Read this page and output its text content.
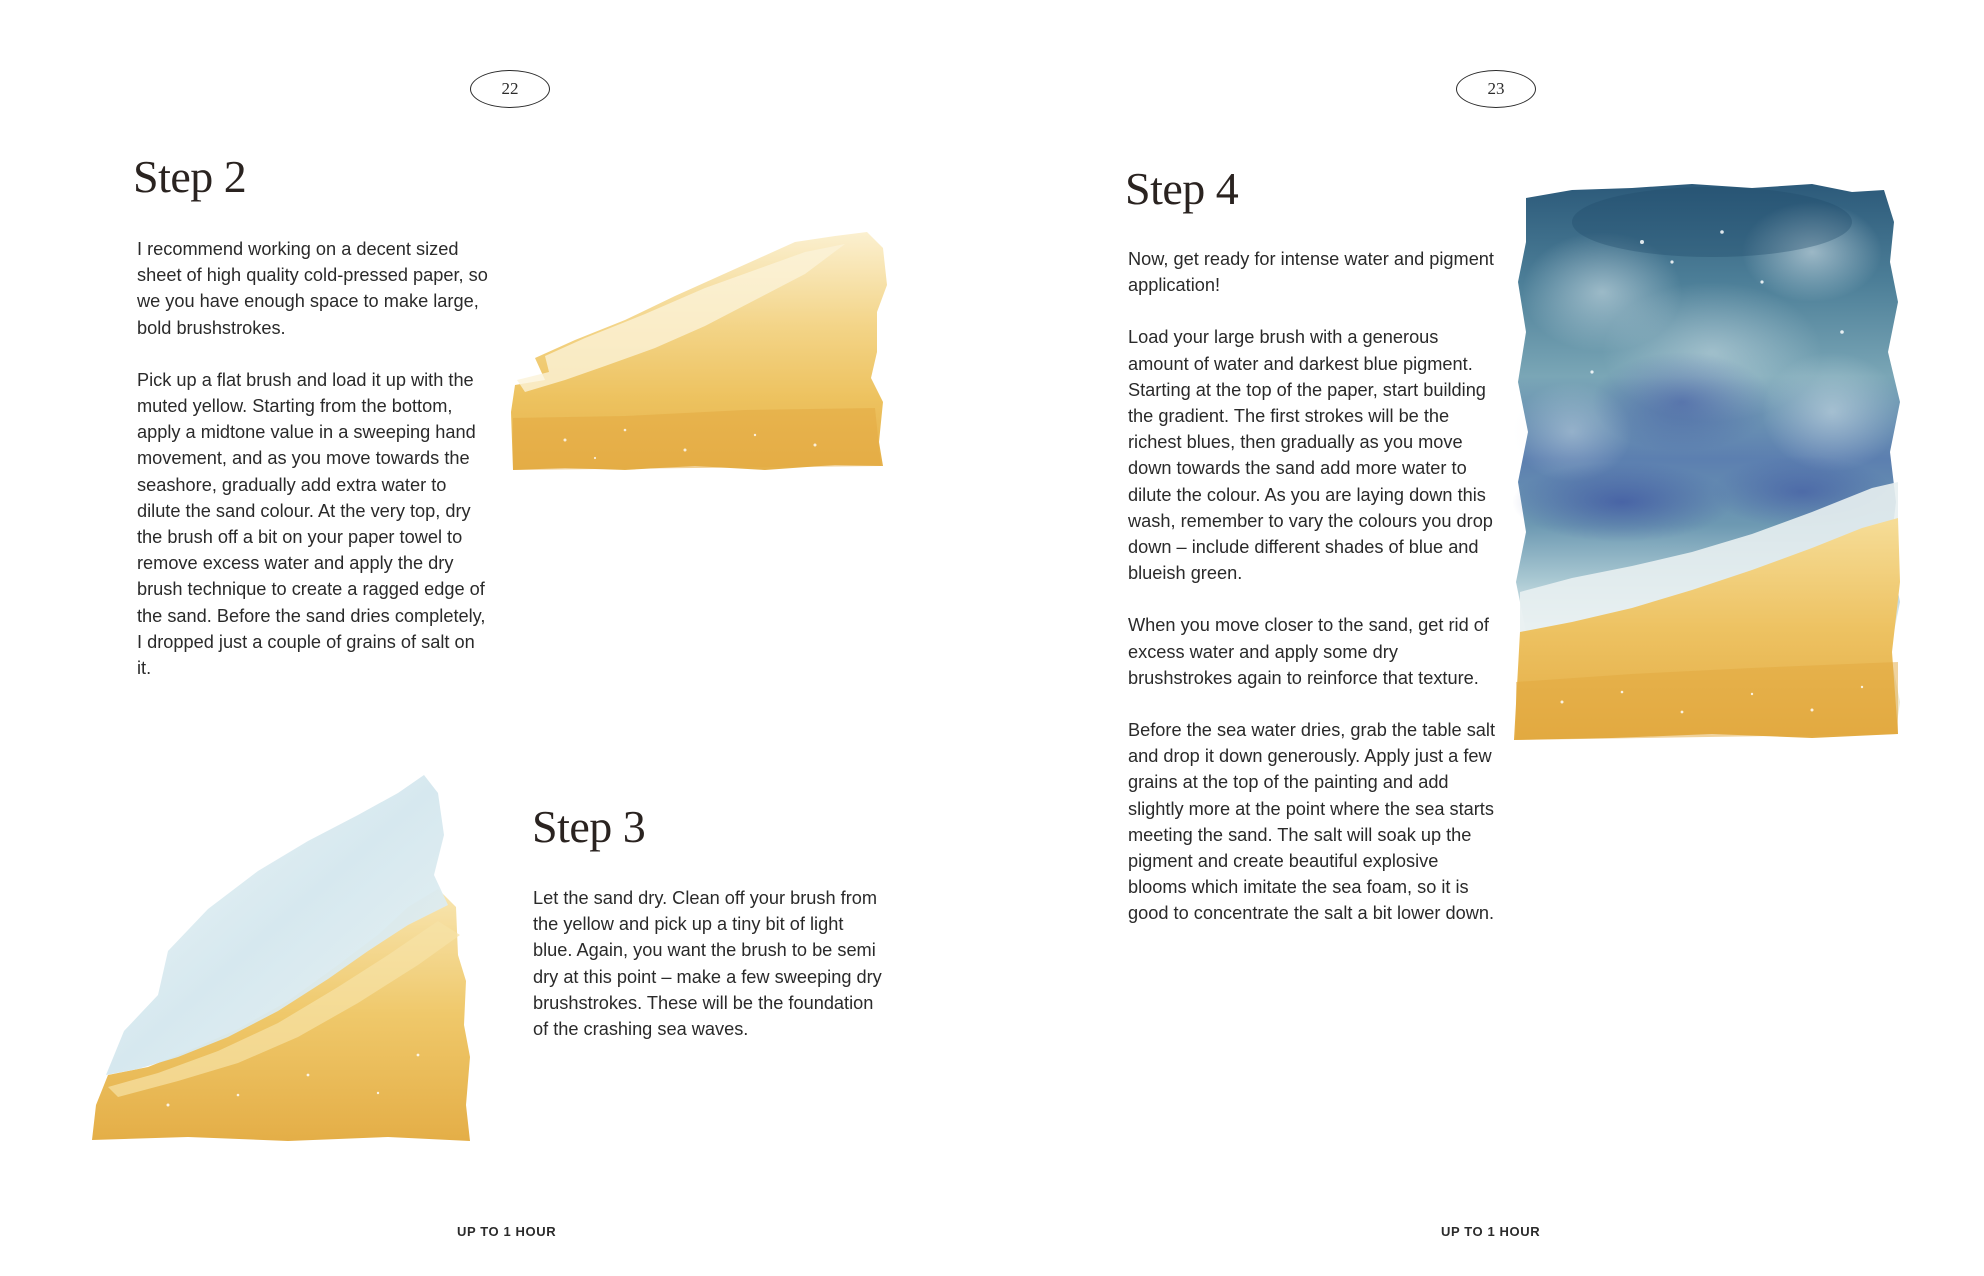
22
Step 2

I recommend working on a decent sized sheet of high quality cold-pressed paper, so we you have enough space to make large, bold brushstrokes.

Pick up a flat brush and load it up with the muted yellow. Starting from the bottom, apply a midtone value in a sweeping hand movement, and as you move towards the seashore, gradually add extra water to dilute the sand colour. At the very top, dry the brush off a bit on your paper towel to remove excess water and apply the dry brush technique to create a ragged edge of the sand. Before the sand dries completely, I dropped just a couple of grains of salt on it.

Step 3

Let the sand dry. Clean off your brush from the yellow and pick up a tiny bit of light blue. Again, you want the brush to be semi dry at this point – make a few sweeping dry brushstrokes. These will be the foundation of the crashing sea waves.

UP TO 1 HOUR
23
Step 4

Now, get ready for intense water and pigment application!

Load your large brush with a generous amount of water and darkest blue pigment. Starting at the top of the paper, start building the gradient. The first strokes will be the richest blues, then gradually as you move down towards the sand add more water to dilute the colour. As you are laying down this wash, remember to vary the colours you drop down – include different shades of blue and blueish green.

When you move closer to the sand, get rid of excess water and apply some dry brushstrokes again to reinforce that texture.

Before the sea water dries, grab the table salt and drop it down generously. Apply just a few grains at the top of the painting and add slightly more at the point where the sea starts meeting the sand. The salt will soak up the pigment and create beautiful explosive blooms which imitate the sea foam, so it is good to concentrate the salt a bit lower down.

UP TO 1 HOUR
